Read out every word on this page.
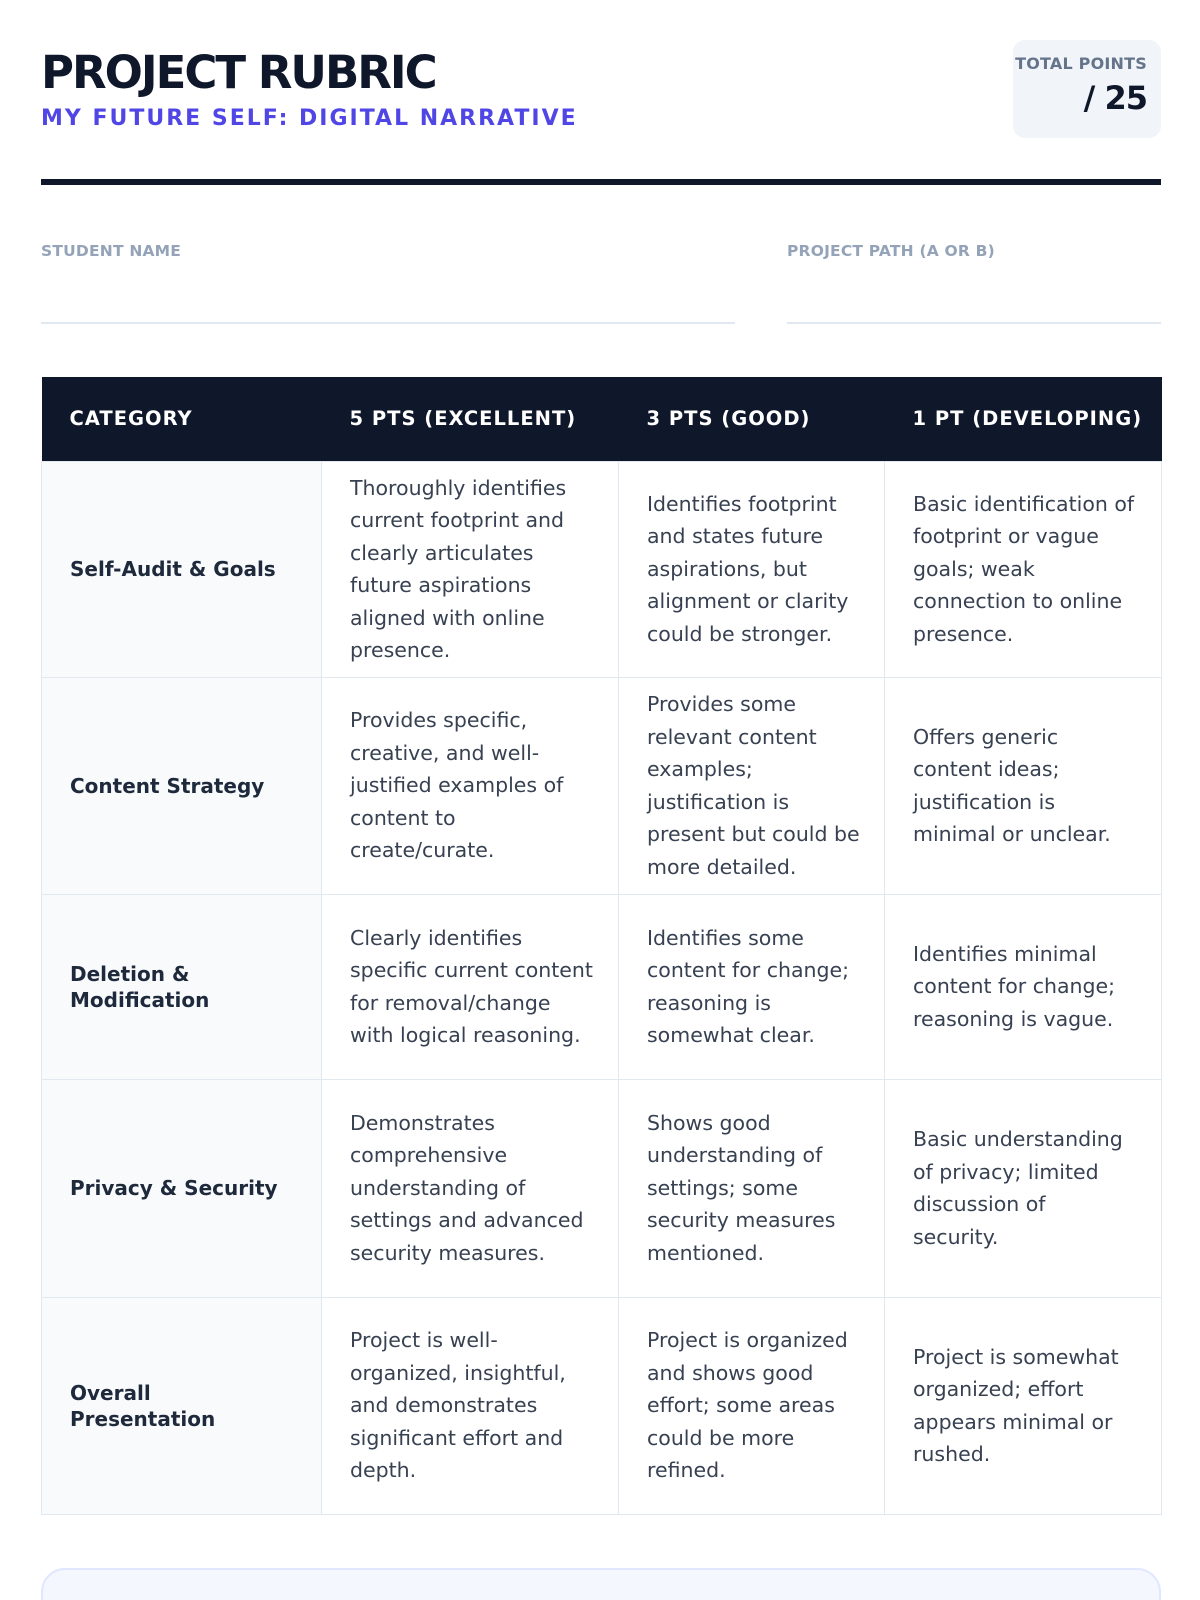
PROJECT RUBRIC
MY FUTURE SELF: DIGITAL NARRATIVE
TOTAL POINTS
/ 25
STUDENT NAME	PROJECT PATH (A OR B)
CATEGORY	5 PTS (EXCELLENT)	3 PTS (GOOD)	1 PT (DEVELOPING)
Self-Audit & Goals	Thoroughly identifies current footprint and clearly articulates future aspirations aligned with online presence.	Identifies footprint and states future aspirations, but alignment or clarity could be stronger.	Basic identification of footprint or vague goals; weak connection to online presence.
Content Strategy	Provides specific, creative, and well-justified examples of content to create/curate.	Provides some relevant content examples; justification is present but could be more detailed.	Offers generic content ideas; justification is minimal or unclear.
Deletion & Modification	Clearly identifies specific current content for removal/change with logical reasoning.	Identifies some content for change; reasoning is somewhat clear.	Identifies minimal content for change; reasoning is vague.
Privacy & Security	Demonstrates comprehensive understanding of settings and advanced security measures.	Shows good understanding of settings; some security measures mentioned.	Basic understanding of privacy; limited discussion of security.
Overall Presentation	Project is well-organized, insightful, and demonstrates significant effort and depth.	Project is organized and shows good effort; some areas could be more refined.	Project is somewhat organized; effort appears minimal or rushed.
